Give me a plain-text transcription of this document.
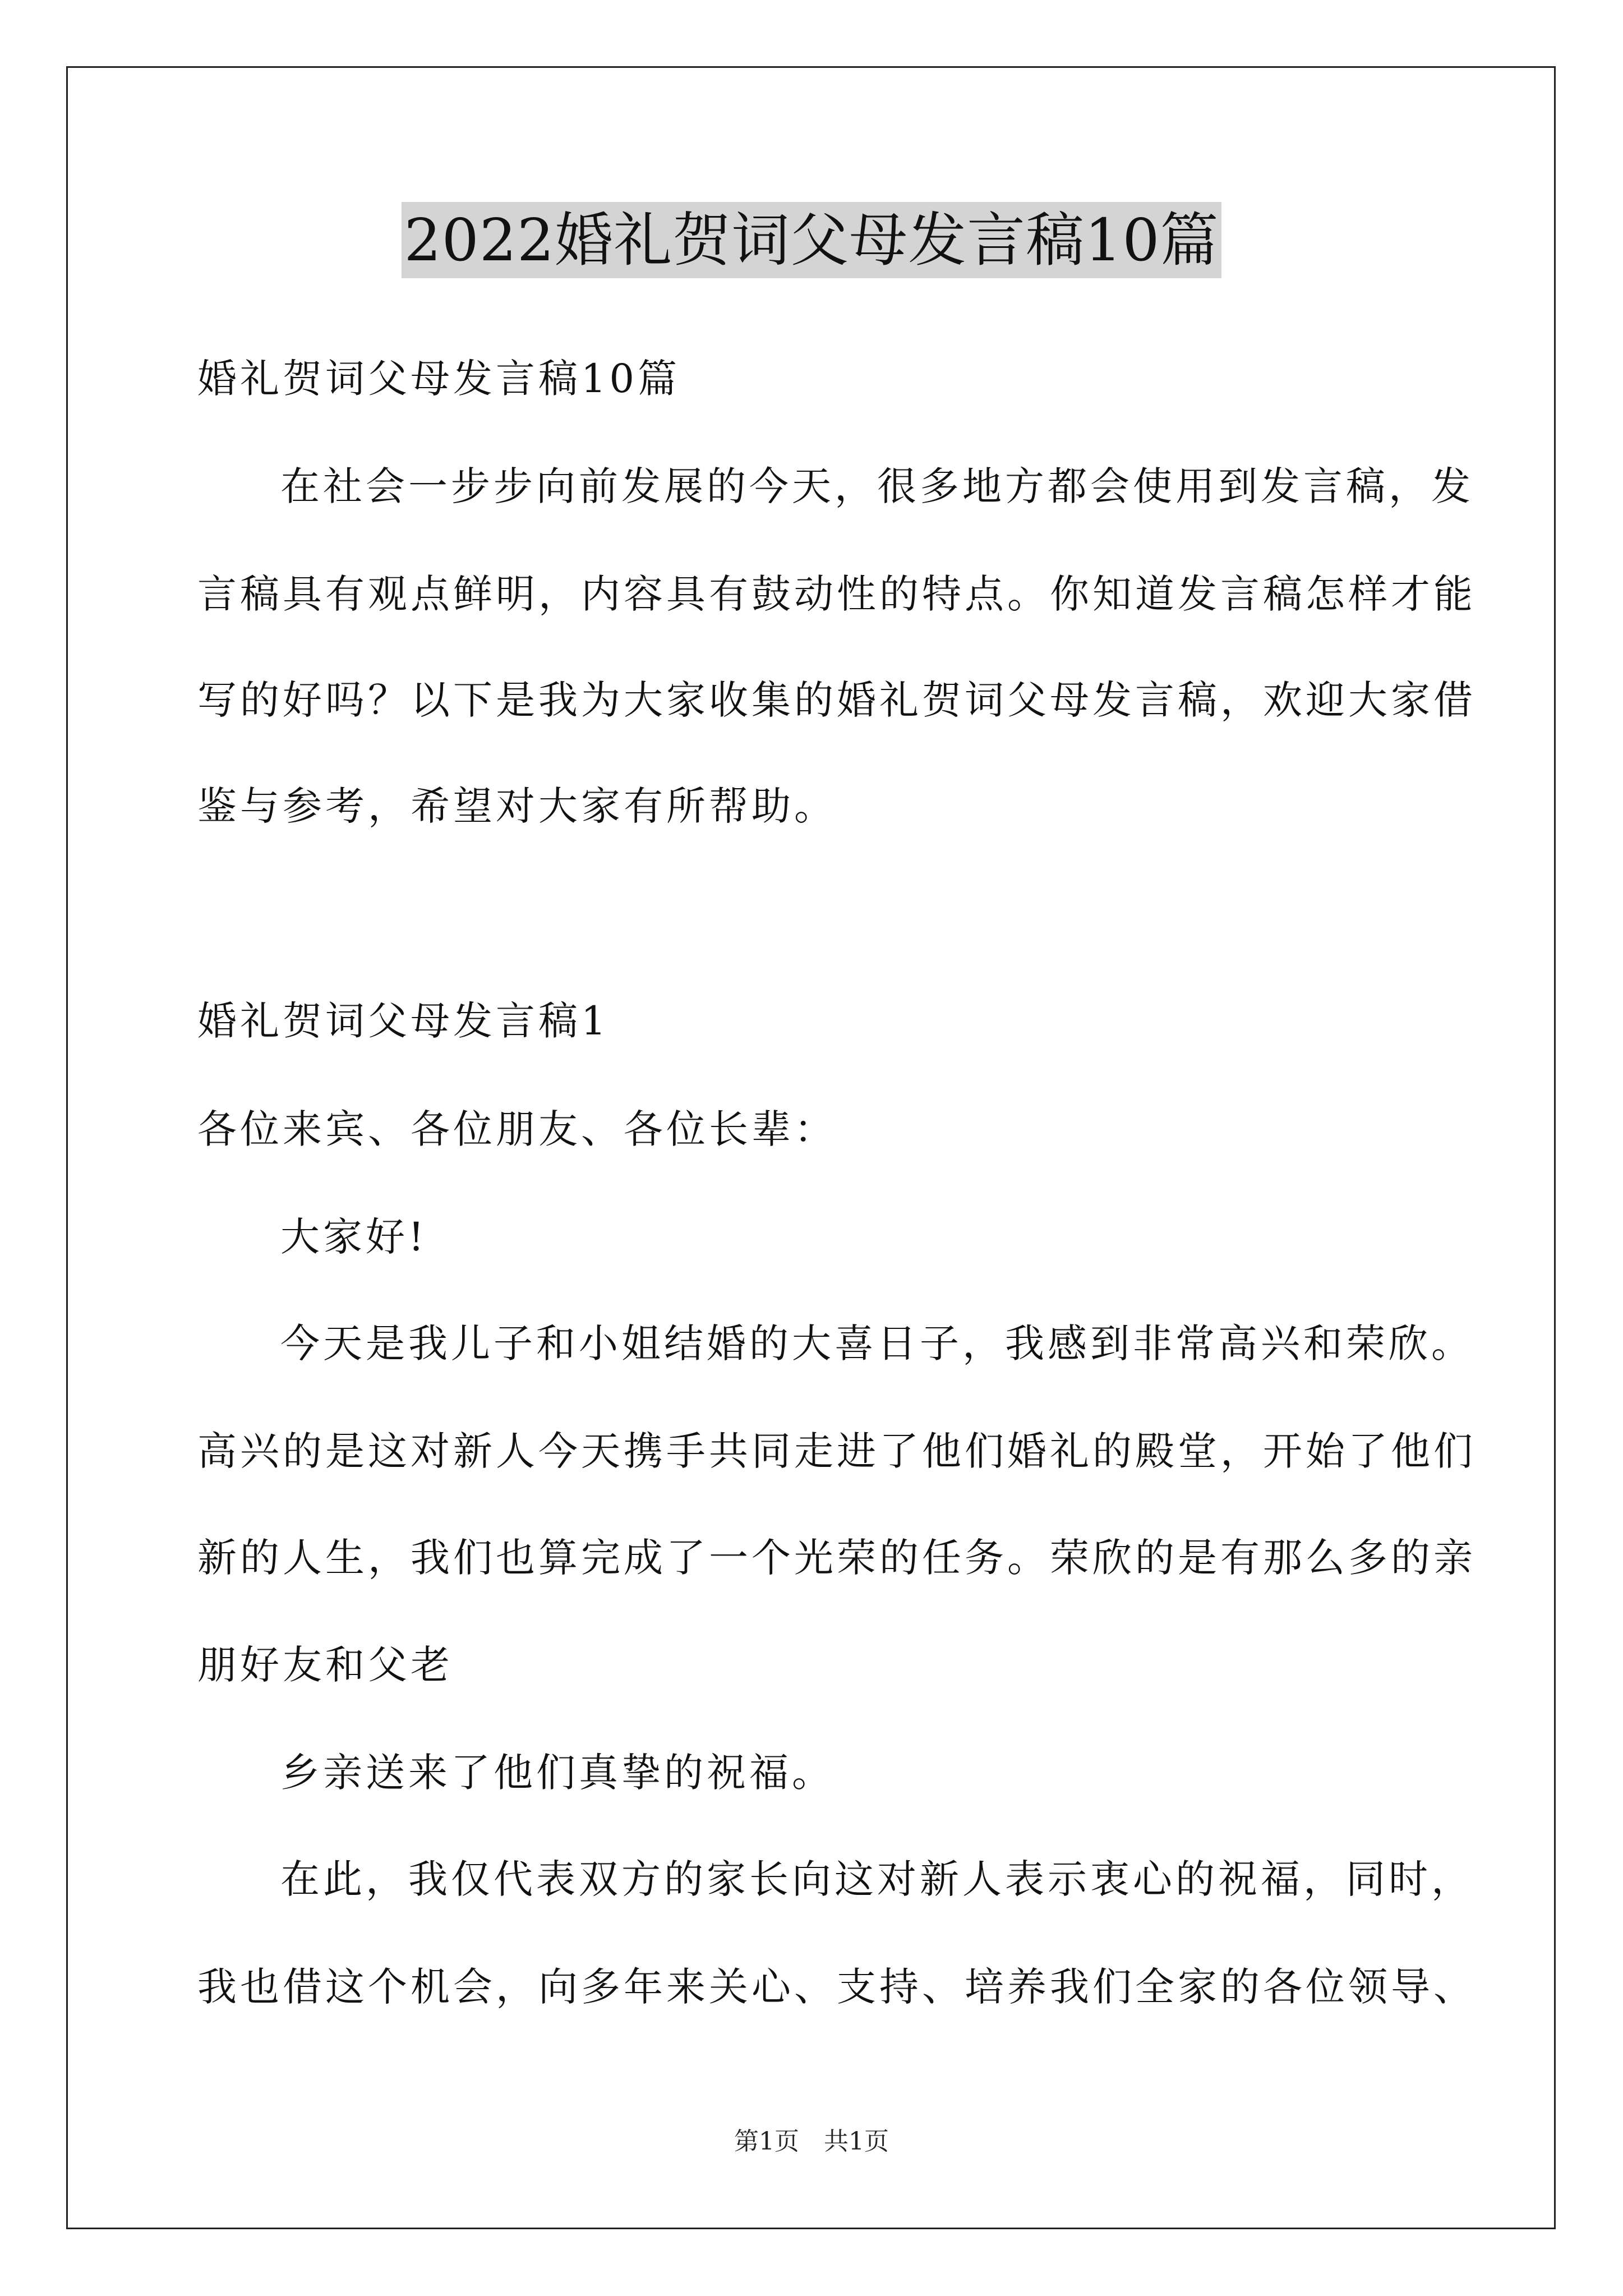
2022婚礼贺词父母发言稿10篇
婚礼贺词父母发言稿10篇
在社会一步步向前发展的今天，很多地方都会使用到发言稿，发
言稿具有观点鲜明，内容具有鼓动性的特点。你知道发言稿怎样才能
写的好吗？以下是我为大家收集的婚礼贺词父母发言稿，欢迎大家借
鉴与参考，希望对大家有所帮助。
婚礼贺词父母发言稿1
各位来宾、各位朋友、各位长辈：
大家好!
今天是我儿子和小姐结婚的大喜日子，我感到非常高兴和荣欣。
高兴的是这对新人今天携手共同走进了他们婚礼的殿堂，开始了他们
新的人生，我们也算完成了一个光荣的任务。荣欣的是有那么多的亲
朋好友和父老
乡亲送来了他们真挚的祝福。
在此，我仅代表双方的家长向这对新人表示衷心的祝福，同时，
我也借这个机会，向多年来关心、支持、培养我们全家的各位领导、
第1页　共1页
